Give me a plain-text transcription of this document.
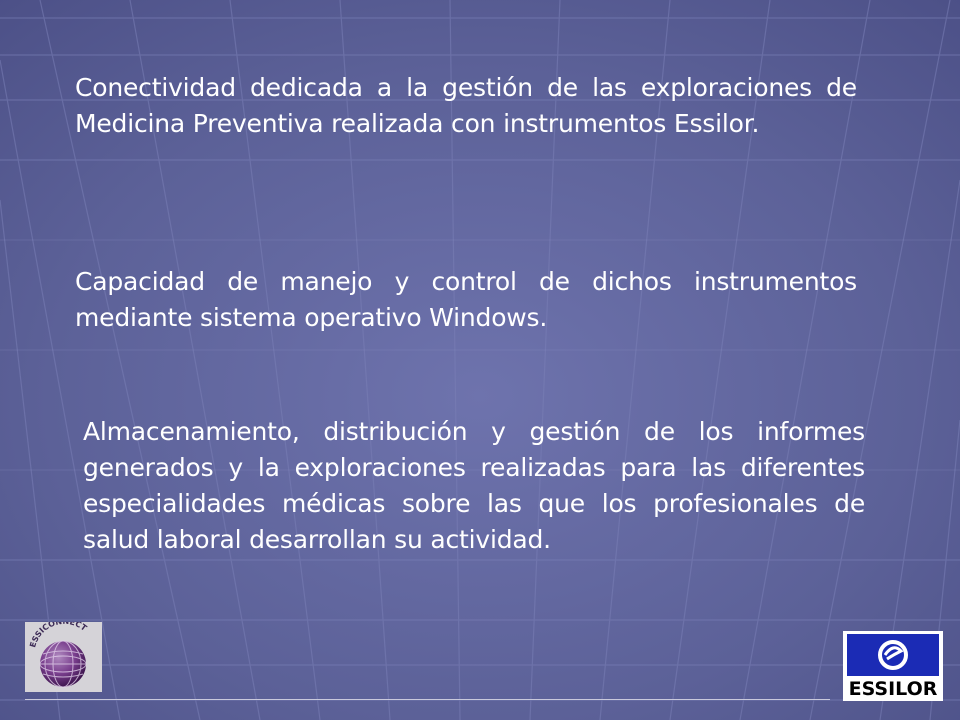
Conectividad dedicada a la gestión de las exploraciones de Medicina Preventiva realizada con instrumentos Essilor.
Capacidad de manejo y control de dichos instrumentos mediante sistema operativo Windows.
Almacenamiento, distribución y gestión de los informes generados y la exploraciones realizadas para las diferentes especialidades médicas sobre las que los profesionales de salud laboral desarrollan su actividad.
ESSICO ECT
ESSILOR
